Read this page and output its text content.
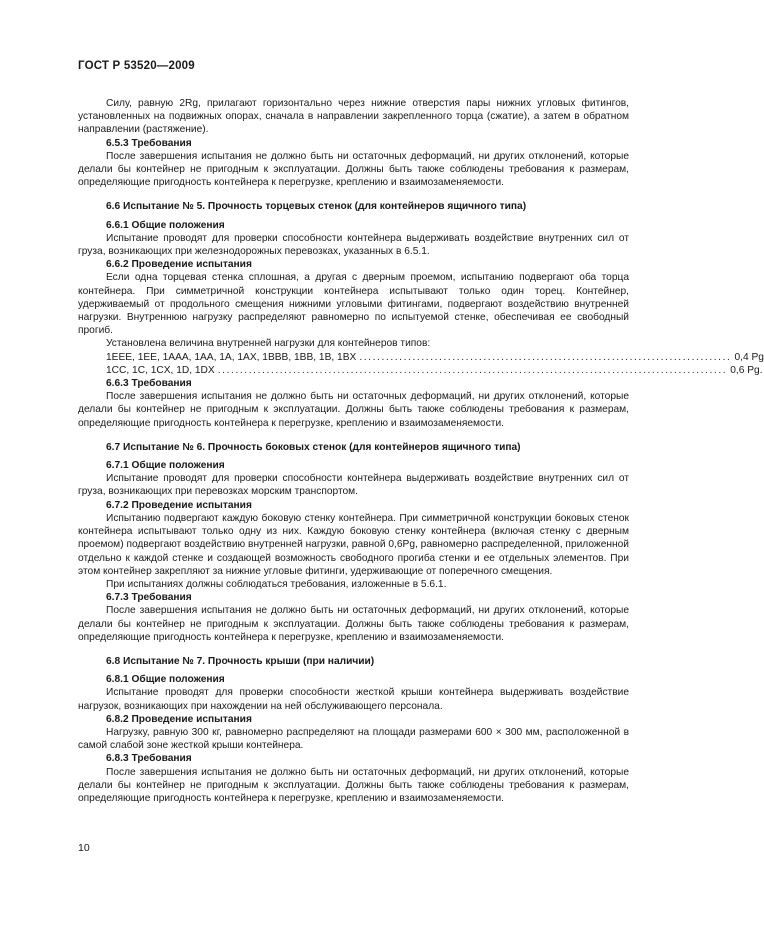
ГОСТ Р 53520—2009
Силу, равную 2Rg, прилагают горизонтально через нижние отверстия пары нижних угловых фитингов, установленных на подвижных опорах, сначала в направлении закрепленного торца (сжатие), а затем в обратном направлении (растяжение).
6.5.3 Требования
После завершения испытания не должно быть ни остаточных деформаций, ни других отклонений, которые делали бы контейнер не пригодным к эксплуатации. Должны быть также соблюдены требования к размерам, определяющие пригодность контейнера к перегрузке, креплению и взаимозаменяемости.
6.6 Испытание № 5. Прочность торцевых стенок (для контейнеров ящичного типа)
6.6.1 Общие положения
Испытание проводят для проверки способности контейнера выдерживать воздействие внутренних сил от груза, возникающих при железнодорожных перевозках, указанных в 6.5.1.
6.6.2 Проведение испытания
Если одна торцевая стенка сплошная, а другая с дверным проемом, испытанию подвергают оба торца контейнера. При симметричной конструкции контейнера испытывают только один торец. Контейнер, удерживаемый от продольного смещения нижними угловыми фитингами, подвергают воздействию внутренней нагрузки. Внутреннюю нагрузку распределяют равномерно по испытуемой стенке, обеспечивая ее свободный прогиб.
Установлена величина внутренней нагрузки для контейнеров типов:
1EEE, 1EE, 1AAA, 1AA, 1A, 1AX, 1BBB, 1BB, 1B, 1BX .................................................................................... 0,4 Pg
1CC, 1C, 1CX, 1D, 1DX ................................................................................................................... 0,6 Pg.
6.6.3 Требования
После завершения испытания не должно быть ни остаточных деформаций, ни других отклонений, которые делали бы контейнер не пригодным к эксплуатации. Должны быть также соблюдены требования к размерам, определяющие пригодность контейнера к перегрузке, креплению и взаимозаменяемости.
6.7 Испытание № 6. Прочность боковых стенок (для контейнеров ящичного типа)
6.7.1 Общие положения
Испытание проводят для проверки способности контейнера выдерживать воздействие внутренних сил от груза, возникающих при перевозках морским транспортом.
6.7.2 Проведение испытания
Испытанию подвергают каждую боковую стенку контейнера. При симметричной конструкции боковых стенок контейнера испытывают только одну из них. Каждую боковую стенку контейнера (включая стенку с дверным проемом) подвергают воздействию внутренней нагрузки, равной 0,6Pg, равномерно распределенной, приложенной отдельно к каждой стенке и создающей возможность свободного прогиба стенки и ее отдельных элементов. При этом контейнер закрепляют за нижние угловые фитинги, удерживающие от поперечного смещения.
При испытаниях должны соблюдаться требования, изложенные в 5.6.1.
6.7.3 Требования
После завершения испытания не должно быть ни остаточных деформаций, ни других отклонений, которые делали бы контейнер не пригодным к эксплуатации. Должны быть также соблюдены требования к размерам, определяющие пригодность контейнера к перегрузке, креплению и взаимозаменяемости.
6.8 Испытание № 7. Прочность крыши (при наличии)
6.8.1 Общие положения
Испытание проводят для проверки способности жесткой крыши контейнера выдерживать воздействие нагрузок, возникающих при нахождении на ней обслуживающего персонала.
6.8.2 Проведение испытания
Нагрузку, равную 300 кг, равномерно распределяют на площади размерами 600 × 300 мм, расположенной в самой слабой зоне жесткой крыши контейнера.
6.8.3 Требования
После завершения испытания не должно быть ни остаточных деформаций, ни других отклонений, которые делали бы контейнер не пригодным к эксплуатации. Должны быть также соблюдены требования к размерам, определяющие пригодность контейнера к перегрузке, креплению и взаимозаменяемости.
10
